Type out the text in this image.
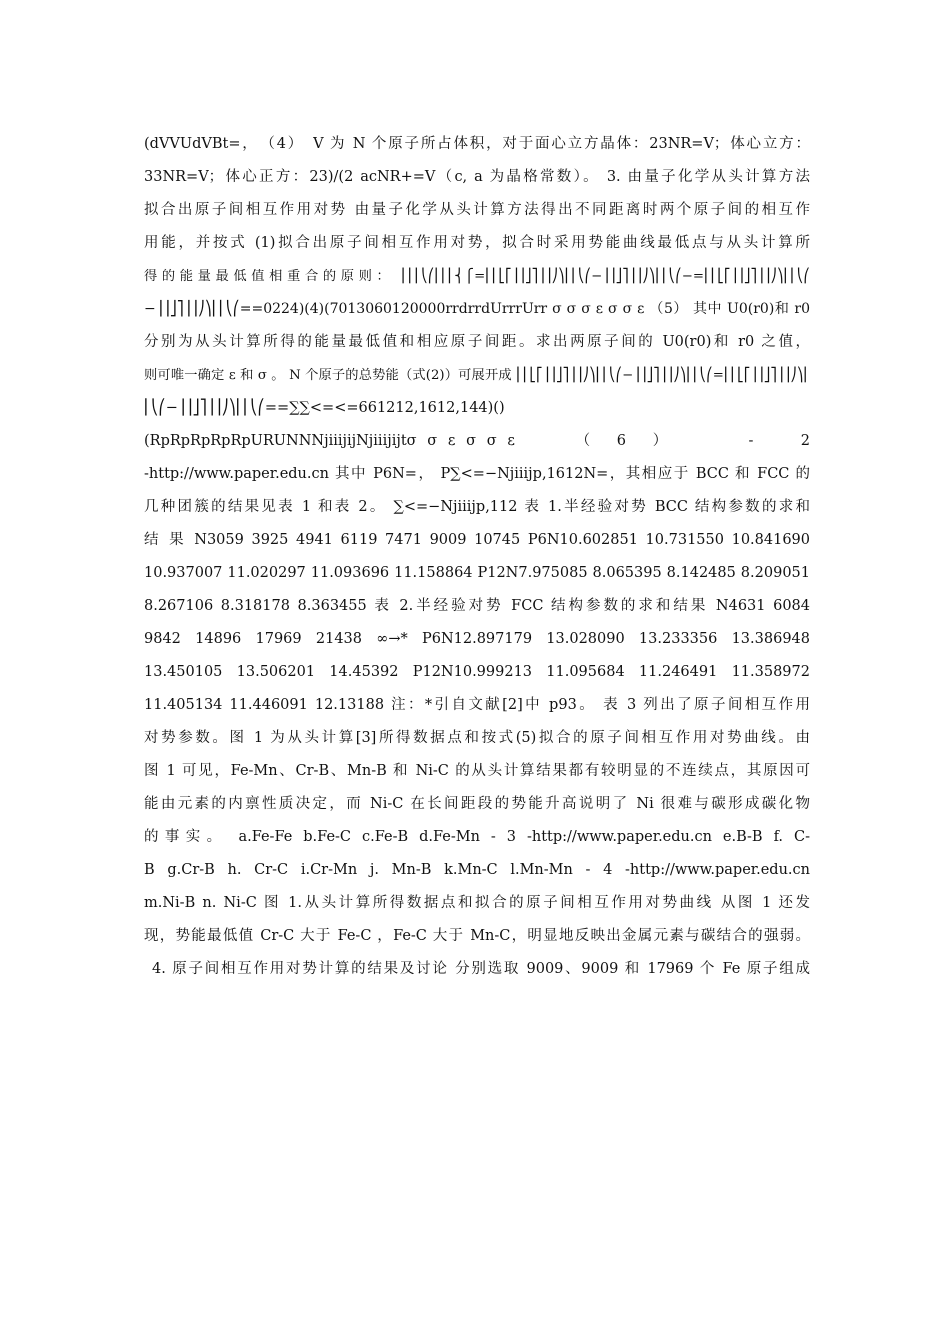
(dVVUdVBt=，　（4）　V 为 N 个原子所占体积，对于面心立方晶体：23NR=V；体心立方：
33NR=V；体心正方：23)/(2 acNR+=V（c, a 为晶格常数）。 3. 由量子化学从头计算方法
拟合出原子间相互作用对势 由量子化学从头计算方法得出不同距离时两个原子间的相互作
用能，并按式 (1)拟合出原子间相互作用对势，拟合时采用势能曲线最低点与从头计算所
得 的 能 量 最 低 值 相 重 合 的 原 则 ：　 ⎜⎜⎜⎝⎛⎜⎜⎜⎨⎧=⎢⎢⎣⎡⎥⎥⎦⎤⎟⎟⎠⎞⎜⎜⎝⎛−⎥⎥⎦⎤⎟⎟⎠⎞⎜⎜⎝⎛−=⎢⎢⎣⎡⎥⎥⎦⎤⎟⎟⎠⎞⎜⎜⎝⎛
−⎥⎥⎦⎤⎟⎟⎠⎞⎜⎜⎝⎛==0224)(4)(7013060120000rrdrrdUrrrUrr σ σ σ ε σ σ ε （5） 其中 U0(r0)和 r0
分别为从头计算所得的能量最低值和相应原子间距。求出两原子间的 U0(r0)和 r0 之值，
则可唯一确定 ε 和 σ 。 N 个原子的总势能（式(2)）可展开成 ⎢⎢⎣⎡⎥⎥⎦⎤⎟⎟⎠⎞⎜⎜⎝⎛−⎥⎥⎦⎤⎟⎟⎠⎞⎜⎜⎝⎛=⎢⎢⎣⎡⎥⎥⎦⎤⎟⎟⎠⎞⎜
⎜⎝⎛−⎥⎥⎦⎤⎟⎟⎠⎞⎜⎜⎝⎛==∑∑<=<=661212,1612,144)()
(RpRpRpRpRpURUNNNjiiijijNjiiijijtσ σ ε σ σ ε　　　（　6　）　　　　-　　2
-http://www.paper.edu.cn 其中 P6N=， P∑<=−Njiiijp,1612N=，其相应于 BCC 和 FCC 的
几种团簇的结果见表 1 和表 2。 ∑<=−Njiiijp,112 表 1.半经验对势 BCC 结构参数的求和
结 果 N3059 3925 4941 6119 7471 9009 10745 P6N10.602851 10.731550 10.841690
10.937007 11.020297 11.093696 11.158864 P12N7.975085 8.065395 8.142485 8.209051
8.267106 8.318178 8.363455 表 2.半经验对势 FCC 结构参数的求和结果 N4631 6084
9842 14896 17969 21438 ∞→* P6N12.897179 13.028090 13.233356 13.386948
13.450105 13.506201 14.45392 P12N10.999213 11.095684 11.246491 11.358972
11.405134 11.446091 12.13188 注：*引自文献[2]中 p93。 表 3 列出了原子间相互作用
对势参数。图 1 为从头计算[3]所得数据点和按式(5)拟合的原子间相互作用对势曲线。由
图 1 可见，Fe-Mn、Cr-B、Mn-B 和 Ni-C 的从头计算结果都有较明显的不连续点，其原因可
能由元素的内禀性质决定，而 Ni-C 在长间距段的势能升高说明了 Ni 很难与碳形成碳化物
的事实。 a.Fe-Fe b.Fe-C c.Fe-B d.Fe-Mn - 3 -http://www.paper.edu.cn e.B-B f. C-
B g.Cr-B h. Cr-C i.Cr-Mn j. Mn-B k.Mn-C l.Mn-Mn - 4 -http://www.paper.edu.cn
m.Ni-B n. Ni-C 图 1.从头计算所得数据点和拟合的原子间相互作用对势曲线 从图 1 还发
现，势能最低值 Cr-C 大于 Fe-C ，Fe-C 大于 Mn-C，明显地反映出金属元素与碳结合的强弱。
4. 原子间相互作用对势计算的结果及讨论 分别选取 9009、9009 和 17969 个 Fe 原子组成
